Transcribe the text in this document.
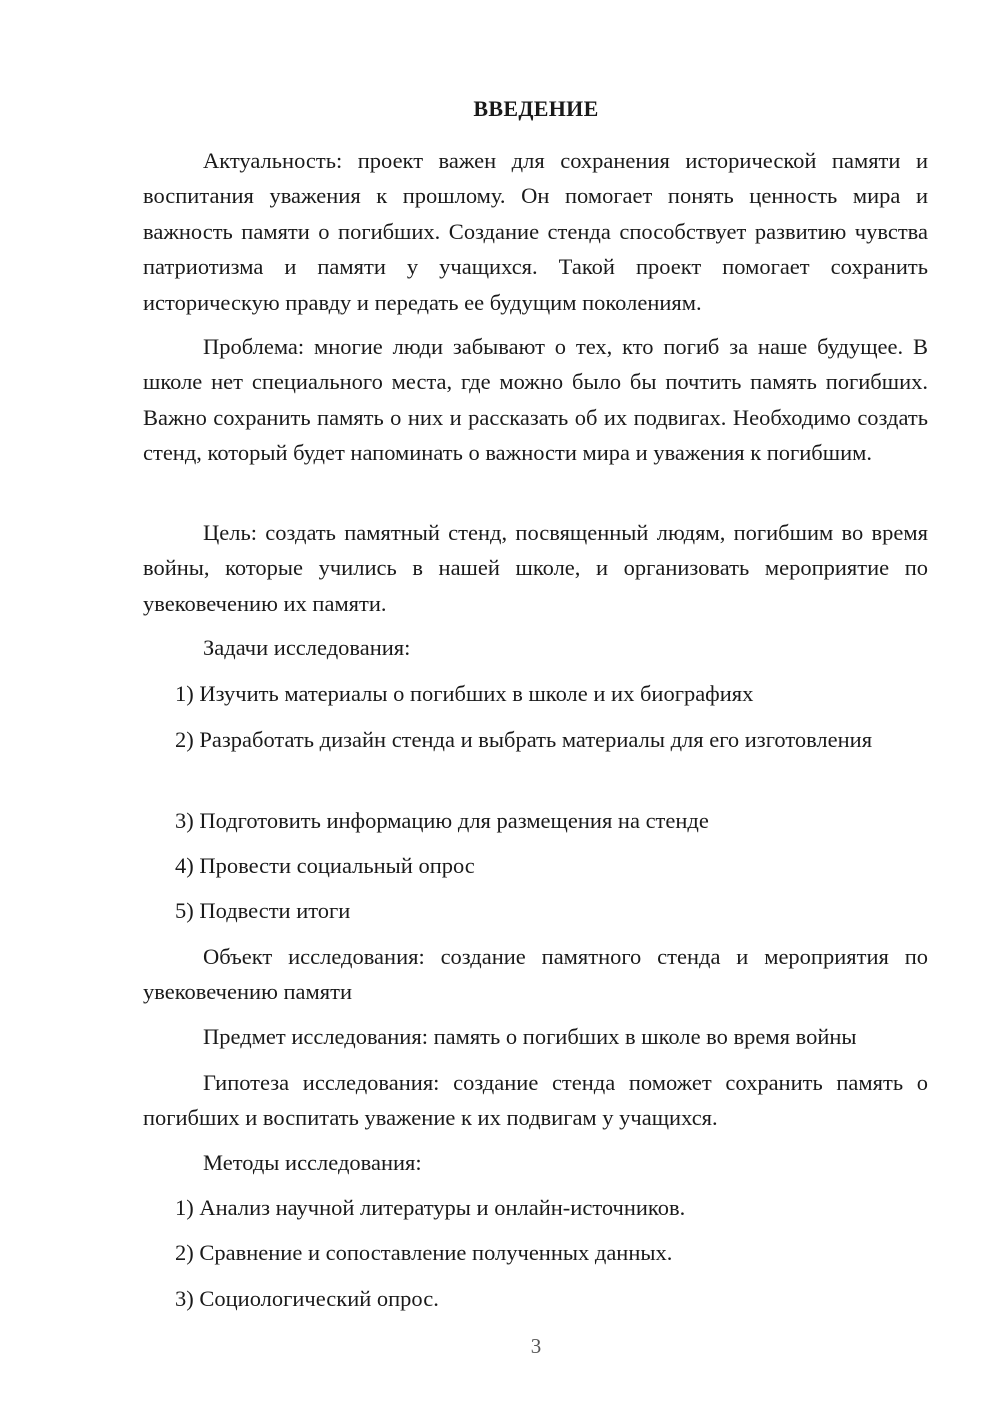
ВВЕДЕНИЕ
Актуальность: проект важен для сохранения исторической памяти и воспитания уважения к прошлому. Он помогает понять ценность мира и важность памяти о погибших. Создание стенда способствует развитию чувства патриотизма и памяти у учащихся. Такой проект помогает сохранить историческую правду и передать ее будущим поколениям.
Проблема: многие люди забывают о тех, кто погиб за наше будущее. В школе нет специального места, где можно было бы почтить память погибших. Важно сохранить память о них и рассказать об их подвигах. Необходимо создать стенд, который будет напоминать о важности мира и уважения к погибшим.
Цель: создать памятный стенд, посвященный людям, погибшим во время войны, которые учились в нашей школе, и организовать мероприятие по увековечению их памяти.
Задачи исследования:
1) Изучить материалы о погибших в школе и их биографиях
2) Разработать дизайн стенда и выбрать материалы для его изготовления
3) Подготовить информацию для размещения на стенде
4) Провести социальный опрос
5) Подвести итоги
Объект исследования: создание памятного стенда и мероприятия по увековечению памяти
Предмет исследования: память о погибших в школе во время войны
Гипотеза исследования: создание стенда поможет сохранить память о погибших и воспитать уважение к их подвигам у учащихся.
Методы исследования:
1) Анализ научной литературы и онлайн-источников.
2) Сравнение и сопоставление полученных данных.
3) Социологический опрос.
3
